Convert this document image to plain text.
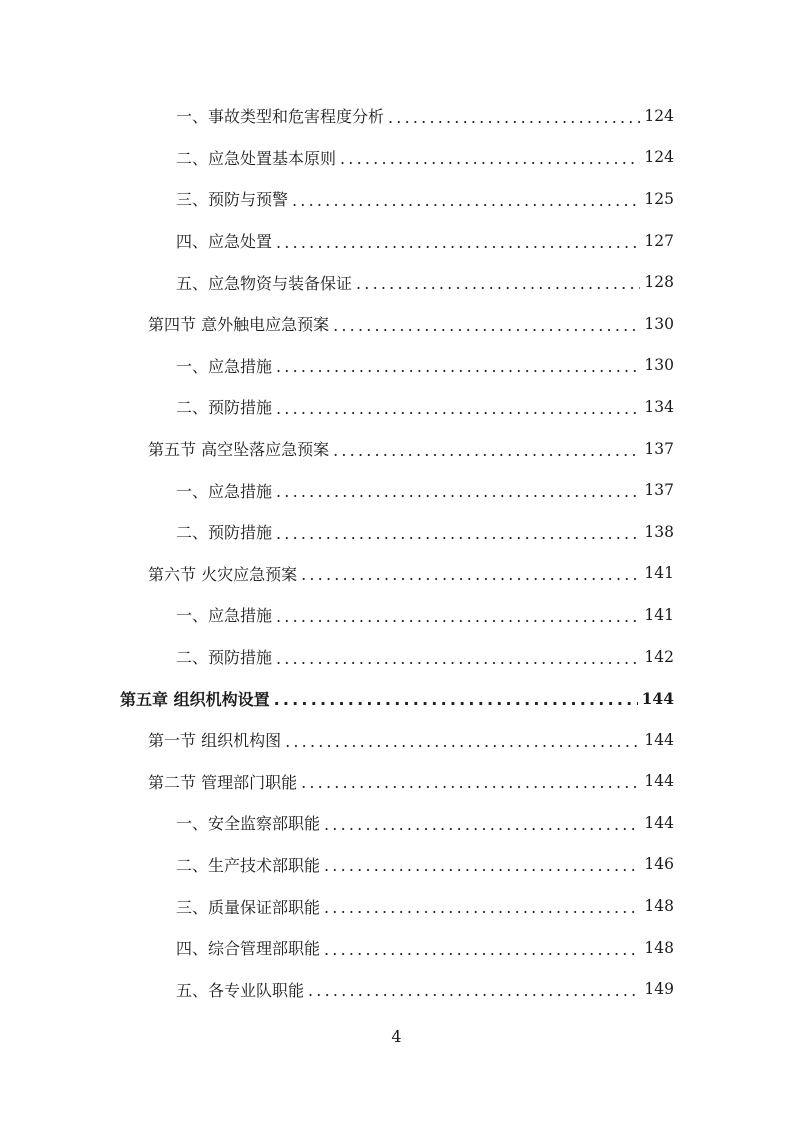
一、事故类型和危害程度分析 .....	124
二、应急处置基本原则 .....	124
三、预防与预警 .....	125
四、应急处置 .....	127
五、应急物资与装备保证 .....	128
第四节 意外触电应急预案 .....	130
一、应急措施 .....	130
二、预防措施 .....	134
第五节 高空坠落应急预案 .....	137
一、应急措施 .....	137
二、预防措施 .....	138
第六节 火灾应急预案 .....	141
一、应急措施 .....	141
二、预防措施 .....	142
第五章 组织机构设置 .....	144
第一节 组织机构图 .....	144
第二节 管理部门职能 .....	144
一、安全监察部职能 .....	144
二、生产技术部职能 .....	146
三、质量保证部职能 .....	148
四、综合管理部职能 .....	148
五、各专业队职能 .....	149
4
